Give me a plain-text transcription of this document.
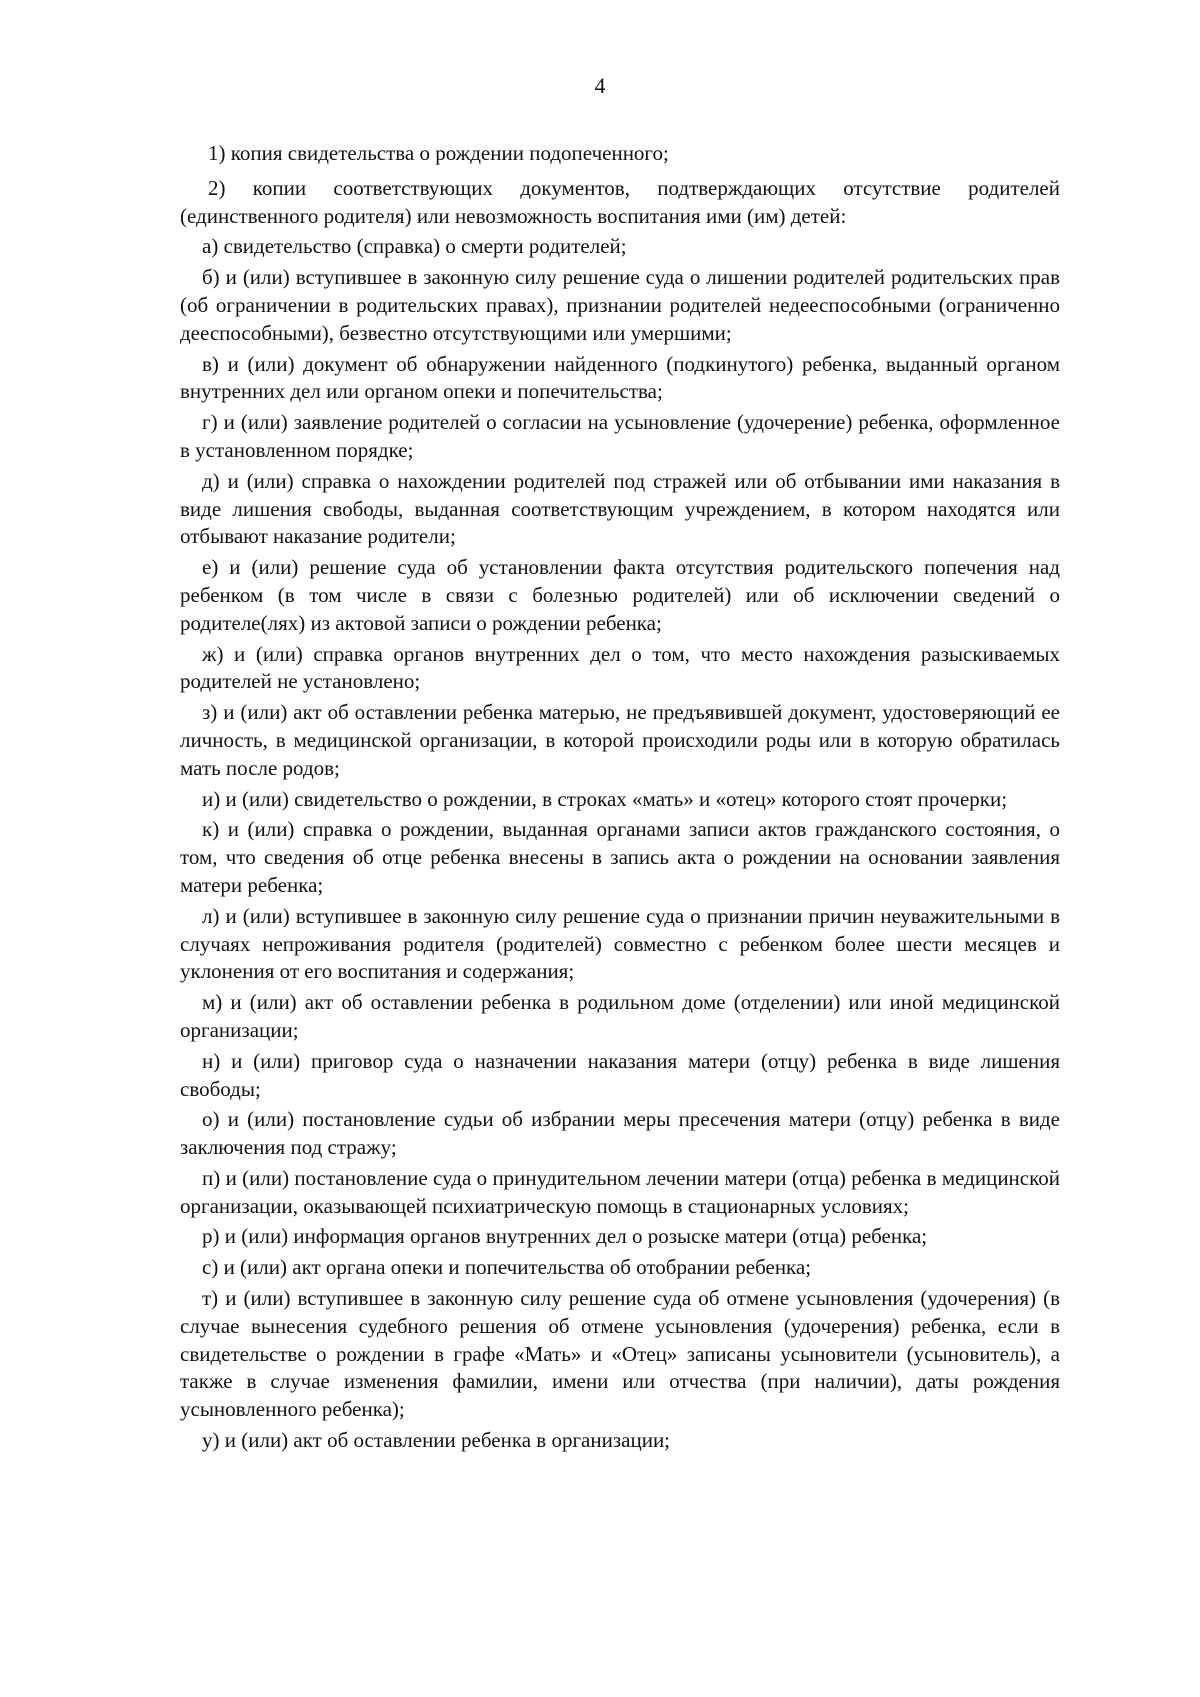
4

1) копия свидетельства о рождении подопеченного;

2) копии соответствующих документов, подтверждающих отсутствие родителей (единственного родителя) или невозможность воспитания ими (им) детей:

а) свидетельство (справка) о смерти родителей;

б) и (или) вступившее в законную силу решение суда о лишении родителей родительских прав (об ограничении в родительских правах), признании родителей недееспособными (ограниченно дееспособными), безвестно отсутствующими или умершими;

в) и (или) документ об обнаружении найденного (подкинутого) ребенка, выданный органом внутренних дел или органом опеки и попечительства;

г) и (или) заявление родителей о согласии на усыновление (удочерение) ребенка, оформленное в установленном порядке;

д) и (или) справка о нахождении родителей под стражей или об отбывании ими наказания в виде лишения свободы, выданная соответствующим учреждением, в котором находятся или отбывают наказание родители;

е) и (или) решение суда об установлении факта отсутствия родительского попечения над ребенком (в том числе в связи с болезнью родителей) или об исключении сведений о родителе(лях) из актовой записи о рождении ребенка;

ж) и (или) справка органов внутренних дел о том, что место нахождения разыскиваемых родителей не установлено;

з) и (или) акт об оставлении ребенка матерью, не предъявившей документ, удостоверяющий ее личность, в медицинской организации, в которой происходили роды или в которую обратилась мать после родов;

и) и (или) свидетельство о рождении, в строках «мать» и «отец» которого стоят прочерки;

к) и (или) справка о рождении, выданная органами записи актов гражданского состояния, о том, что сведения об отце ребенка внесены в запись акта о рождении на основании заявления матери ребенка;

л) и (или) вступившее в законную силу решение суда о признании причин неуважительными в случаях непроживания родителя (родителей) совместно с ребенком более шести месяцев и уклонения от его воспитания и содержания;

м) и (или) акт об оставлении ребенка в родильном доме (отделении) или иной медицинской организации;

н) и (или) приговор суда о назначении наказания матери (отцу) ребенка в виде лишения свободы;

о) и (или) постановление судьи об избрании меры пресечения матери (отцу) ребенка в виде заключения под стражу;

п) и (или) постановление суда о принудительном лечении матери (отца) ребенка в медицинской организации, оказывающей психиатрическую помощь в стационарных условиях;

р) и (или) информация органов внутренних дел о розыске матери (отца) ребенка;

с) и (или) акт органа опеки и попечительства об отобрании ребенка;

т) и (или) вступившее в законную силу решение суда об отмене усыновления (удочерения) (в случае вынесения судебного решения об отмене усыновления (удочерения) ребенка, если в свидетельстве о рождении в графе «Мать» и «Отец» записаны усыновители (усыновитель), а также в случае изменения фамилии, имени или отчества (при наличии), даты рождения усыновленного ребенка);

у) и (или) акт об оставлении ребенка в организации;
